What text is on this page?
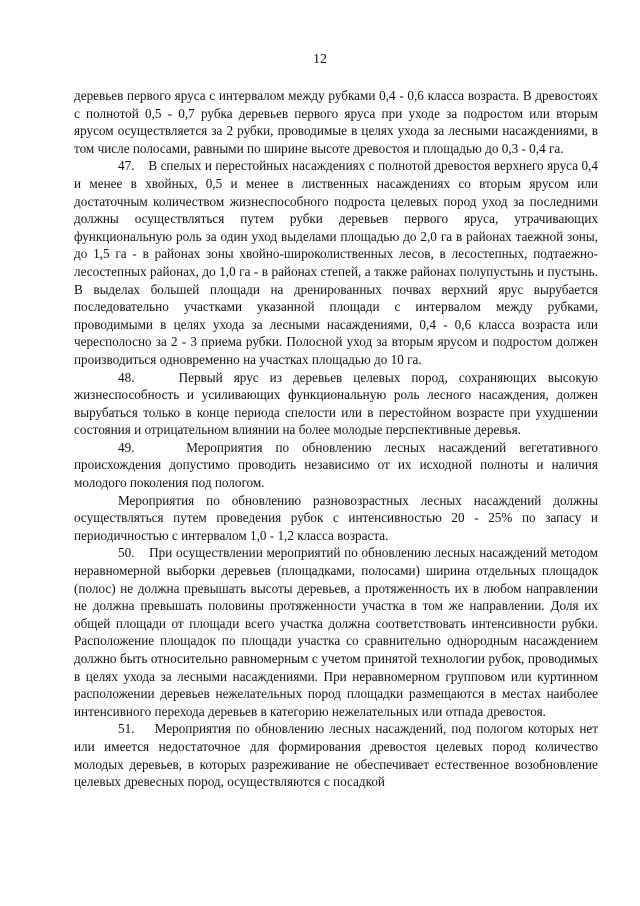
12

деревьев первого яруса с интервалом между рубками 0,4 - 0,6 класса возраста. В древостоях с полнотой 0,5 - 0,7 рубка деревьев первого яруса при уходе за подростом или вторым ярусом осуществляется за 2 рубки, проводимые в целях ухода за лесными насаждениями, в том числе полосами, равными по ширине высоте древостоя и площадью до 0,3 - 0,4 га.

47.    В спелых и перестойных насаждениях с полнотой древостоя верхнего яруса 0,4 и менее в хвойных, 0,5 и менее в лиственных насаждениях со вторым ярусом или достаточным количеством жизнеспособного подроста целевых пород уход за последними должны осуществляться путем рубки деревьев первого яруса, утрачивающих функциональную роль за один уход выделами площадью до 2,0 га в районах таежной зоны, до 1,5 га - в районах зоны хвойно-широколиственных лесов, в лесостепных, подтаежно-лесостепных районах, до 1,0 га - в районах степей, а также районах полупустынь и пустынь. В выделах большей площади на дренированных почвах верхний ярус вырубается последовательно участками указанной площади с интервалом между рубками, проводимыми в целях ухода за лесными насаждениями, 0,4 - 0,6 класса возраста или чересполосно за 2 - 3 приема рубки. Полосной уход за вторым ярусом и подростом должен производиться одновременно на участках площадью до 10 га.

48.    Первый ярус из деревьев целевых пород, сохраняющих высокую жизнеспособность и усиливающих функциональную роль лесного насаждения, должен вырубаться только в конце периода спелости или в перестойном возрасте при ухудшении состояния и отрицательном влиянии на более молодые перспективные деревья.

49.    Мероприятия по обновлению лесных насаждений вегетативного происхождения допустимо проводить независимо от их исходной полноты и наличия молодого поколения под пологом.

Мероприятия по обновлению разновозрастных лесных насаждений должны осуществляться путем проведения рубок с интенсивностью 20 - 25% по запасу и периодичностью с интервалом 1,0 - 1,2 класса возраста.

50.    При осуществлении мероприятий по обновлению лесных насаждений методом неравномерной выборки деревьев (площадками, полосами) ширина отдельных площадок (полос) не должна превышать высоты деревьев, а протяженность их в любом направлении не должна превышать половины протяженности участка в том же направлении. Доля их общей площади от площади всего участка должна соответствовать интенсивности рубки. Расположение площадок по площади участка со сравнительно однородным насаждением должно быть относительно равномерным с учетом принятой технологии рубок, проводимых в целях ухода за лесными насаждениями. При неравномерном групповом или куртинном расположении деревьев нежелательных пород площадки размещаются в местах наиболее интенсивного перехода деревьев в категорию нежелательных или отпада древостоя.

51.    Мероприятия по обновлению лесных насаждений, под пологом которых нет или имеется недостаточное для формирования древостоя целевых пород количество молодых деревьев, в которых разреживание не обеспечивает естественное возобновление целевых древесных пород, осуществляются с посадкой
